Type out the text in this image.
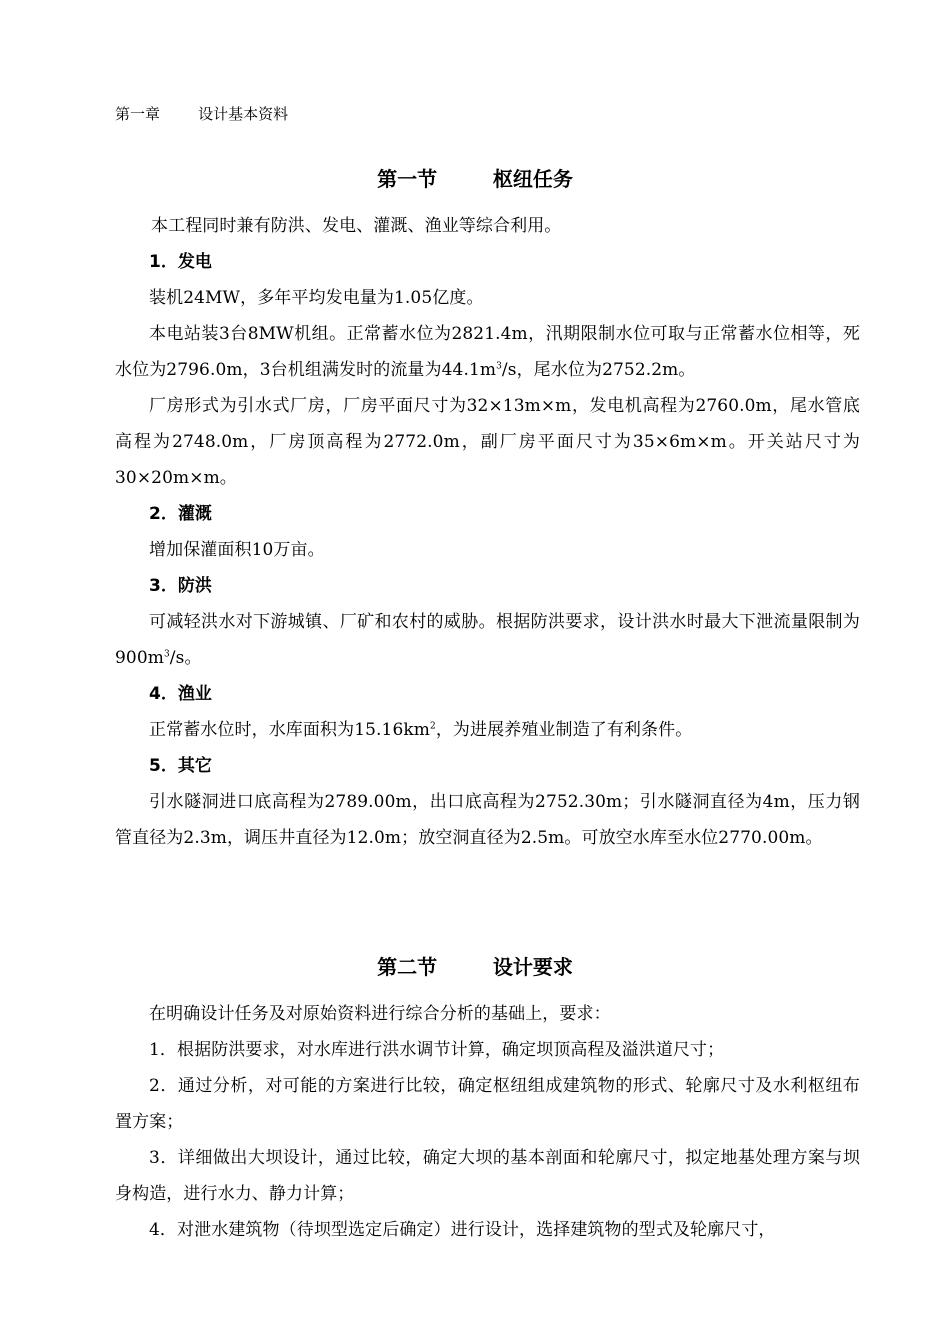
第一章        设计基本资料
第一节        枢纽任务

本工程同时兼有防洪、发电、灌溉、渔业等综合利用。

1．发电

装机24MW，多年平均发电量为1.05亿度。

本电站装3台8MW机组。正常蓄水位为2821.4m，汛期限制水位可取与正常蓄水位相等，死水位为2796.0m，3台机组满发时的流量为$44.1m^3/s$，尾水位为2752.2m。

厂房形式为引水式厂房，厂房平面尺寸为32×13m×m，发电机高程为2760.0m，尾水管底高程为2748.0m，厂房顶高程为2772.0m，副厂房平面尺寸为35×6m×m。开关站尺寸为30×20m×m。

2．灌溉

增加保灌面积10万亩。

3．防洪

可减轻洪水对下游城镇、厂矿和农村的威胁。根据防洪要求，设计洪水时最大下泄流量限制为$900m^3/s$。

4．渔业

正常蓄水位时，水库面积为$15.16km^2$，为进展养殖业制造了有利条件。

5．其它

引水隧洞进口底高程为2789.00m，出口底高程为2752.30m；引水隧洞直径为4m，压力钢管直径为2.3m，调压井直径为12.0m；放空洞直径为2.5m。可放空水库至水位2770.00m。

第二节        设计要求

在明确设计任务及对原始资料进行综合分析的基础上，要求：

1．根据防洪要求，对水库进行洪水调节计算，确定坝顶高程及溢洪道尺寸；

2．通过分析，对可能的方案进行比较，确定枢纽组成建筑物的形式、轮廓尺寸及水利枢纽布置方案；

3．详细做出大坝设计，通过比较，确定大坝的基本剖面和轮廓尺寸，拟定地基处理方案与坝身构造，进行水力、静力计算；

4．对泄水建筑物（待坝型选定后确定）进行设计，选择建筑物的型式及轮廓尺寸，
